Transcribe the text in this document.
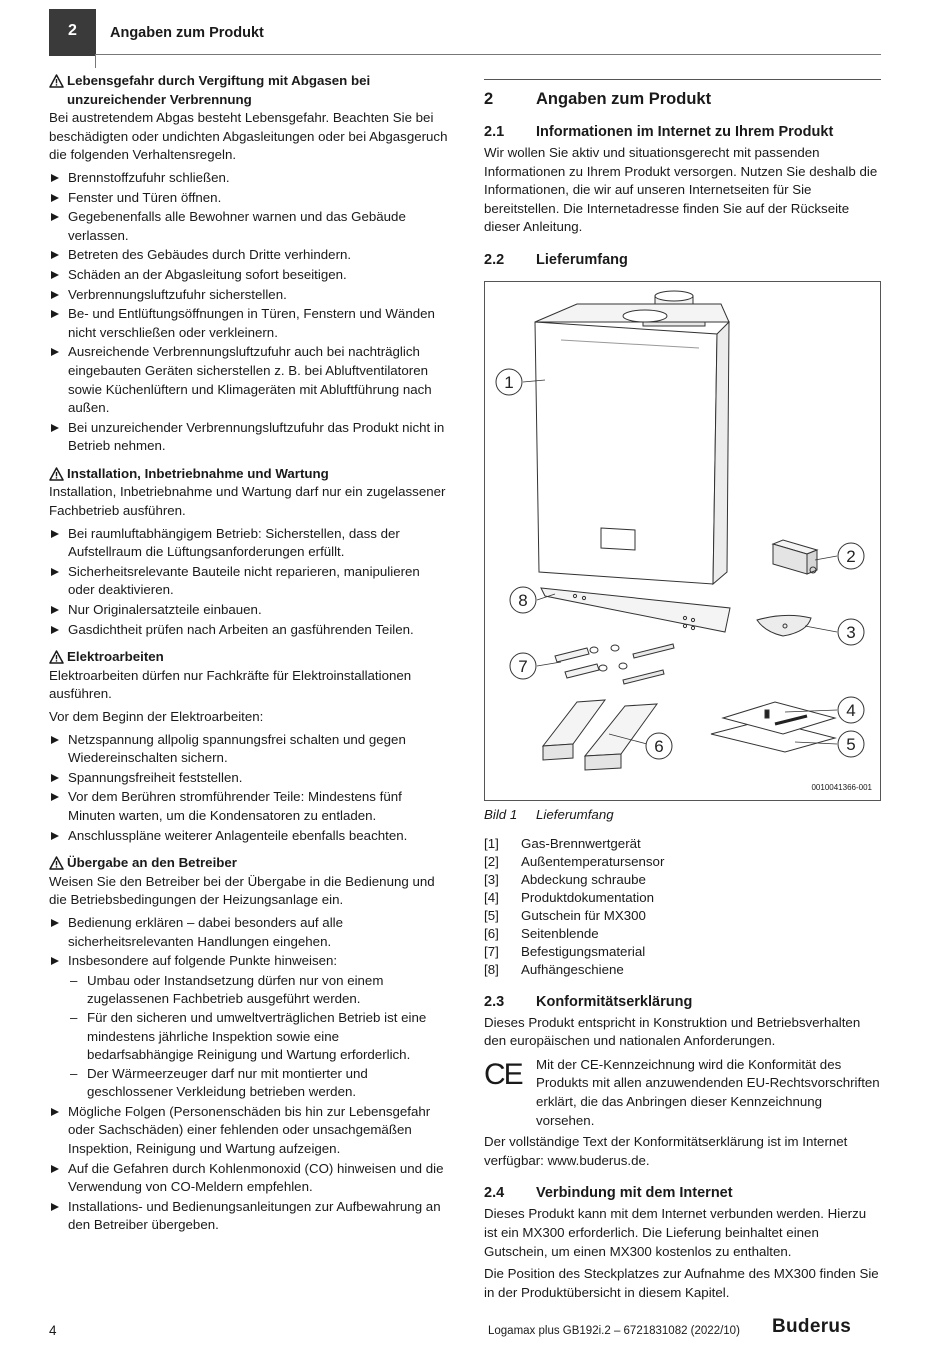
2 Angaben zum Produkt
Lebensgefahr durch Vergiftung mit Abgasen bei unzureichender Verbrennung

Bei austretendem Abgas besteht Lebensgefahr. Beachten Sie bei beschädigten oder undichten Abgasleitungen oder bei Abgasgeruch die folgenden Verhaltensregeln.

Brennstoffzufuhr schließen.
Fenster und Türen öffnen.
Gegebenenfalls alle Bewohner warnen und das Gebäude verlassen.
Betreten des Gebäudes durch Dritte verhindern.
Schäden an der Abgasleitung sofort beseitigen.
Verbrennungsluftzufuhr sicherstellen.
Be- und Entlüftungsöffnungen in Türen, Fenstern und Wänden nicht verschließen oder verkleinern.
Ausreichende Verbrennungsluftzufuhr auch bei nachträglich eingebauten Geräten sicherstellen z. B. bei Abluftventilatoren sowie Küchenlüftern und Klimageräten mit Abluftführung nach außen.
Bei unzureichender Verbrennungsluftzufuhr das Produkt nicht in Betrieb nehmen.
Installation, Inbetriebnahme und Wartung

Installation, Inbetriebnahme und Wartung darf nur ein zugelassener Fachbetrieb ausführen.

Bei raumluftabhängigem Betrieb: Sicherstellen, dass der Aufstellraum die Lüftungsanforderungen erfüllt.
Sicherheitsrelevante Bauteile nicht reparieren, manipulieren oder deaktivieren.
Nur Originalersatzteile einbauen.
Gasdichtheit prüfen nach Arbeiten an gasführenden Teilen.
Elektroarbeiten

Elektroarbeiten dürfen nur Fachkräfte für Elektroinstallationen ausführen.

Vor dem Beginn der Elektroarbeiten:

Netzspannung allpolig spannungsfrei schalten und gegen Wiedereinschalten sichern.
Spannungsfreiheit feststellen.
Vor dem Berühren stromführender Teile: Mindestens fünf Minuten warten, um die Kondensatoren zu entladen.
Anschlusspläne weiterer Anlagenteile ebenfalls beachten.
Übergabe an den Betreiber

Weisen Sie den Betreiber bei der Übergabe in die Bedienung und die Betriebsbedingungen der Heizungsanlage ein.

Bedienung erklären – dabei besonders auf alle sicherheitsrelevanten Handlungen eingehen.
Insbesondere auf folgende Punkte hinweisen:
– Umbau oder Instandsetzung dürfen nur von einem zugelassenen Fachbetrieb ausgeführt werden.
– Für den sicheren und umweltverträglichen Betrieb ist eine mindestens jährliche Inspektion sowie eine bedarfsabhängige Reinigung und Wartung erforderlich.
– Der Wärmeerzeuger darf nur mit montierter und geschlossener Verkleidung betrieben werden.
Mögliche Folgen (Personenschäden bis hin zur Lebensgefahr oder Sachschäden) einer fehlenden oder unsachgemäßen Inspektion, Reinigung und Wartung aufzeigen.
Auf die Gefahren durch Kohlenmonoxid (CO) hinweisen und die Verwendung von CO-Meldern empfehlen.
Installations- und Bedienungsanleitungen zur Aufbewahrung an den Betreiber übergeben.
2	Angaben zum Produkt
2.1	Informationen im Internet zu Ihrem Produkt

Wir wollen Sie aktiv und situationsgerecht mit passenden Informationen zu Ihrem Produkt versorgen. Nutzen Sie deshalb die Informationen, die wir auf unseren Internetseiten für Sie bereitstellen. Die Internetadresse finden Sie auf der Rückseite dieser Anleitung.

2.2	Lieferumfang
1
2
3
4
5
6
7
8
0010041366-001
Bild 1	Lieferumfang
[1]	Gas-Brennwertgerät
[2]	Außentemperatursensor
[3]	Abdeckung schraube
[4]	Produktdokumentation
[5]	Gutschein für MX300
[6]	Seitenblende
[7]	Befestigungsmaterial
[8]	Aufhängeschiene
2.3	Konformitätserklärung

Dieses Produkt entspricht in Konstruktion und Betriebsverhalten den europäischen und nationalen Anforderungen.

CE	Mit der CE-Kennzeichnung wird die Konformität des Produkts mit allen anzuwendenden EU-Rechtsvorschriften erklärt, die das Anbringen dieser Kennzeichnung vorsehen.

Der vollständige Text der Konformitätserklärung ist im Internet verfügbar: www.buderus.de.

2.4	Verbindung mit dem Internet

Dieses Produkt kann mit dem Internet verbunden werden. Hierzu ist ein MX300 erforderlich. Die Lieferung beinhaltet einen Gutschein, um einen MX300 kostenlos zu enthalten.

Die Position des Steckplatzes zur Aufnahme des MX300 finden Sie in der Produktübersicht in diesem Kapitel.

4	Logamax plus GB192i.2 – 6721831082 (2022/10) Buderus
